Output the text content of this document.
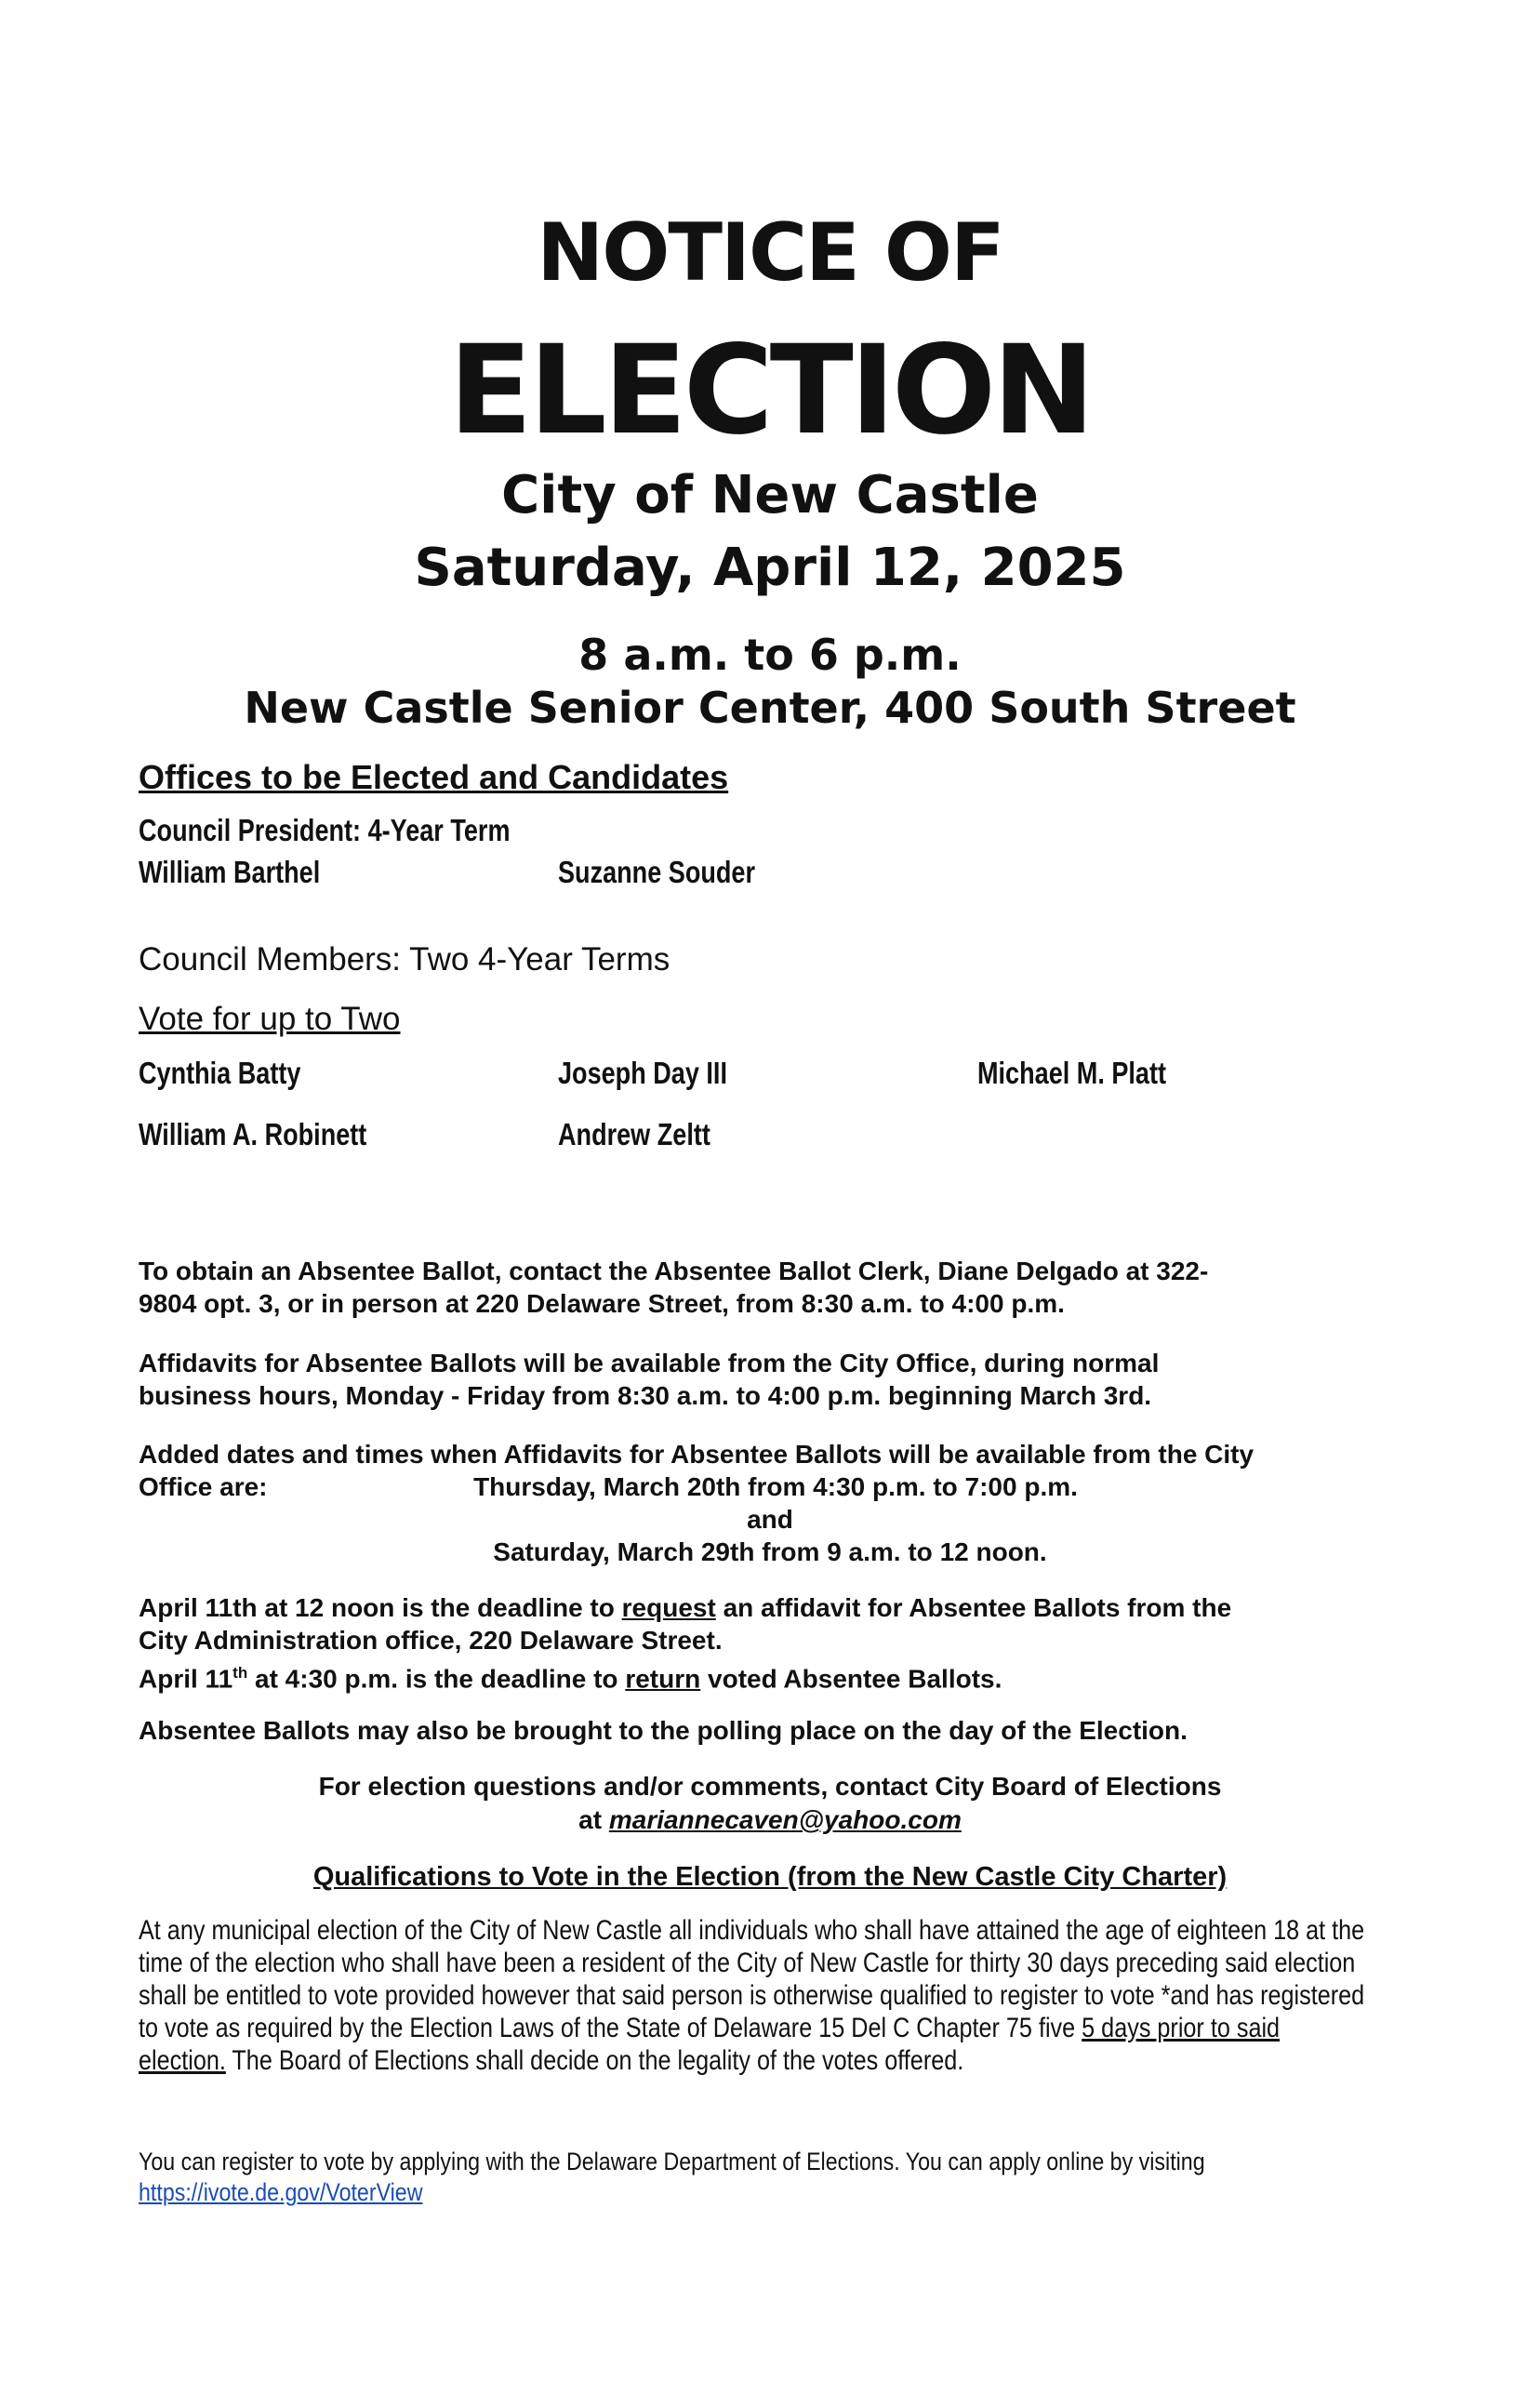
NOTICE OF
ELECTION
City of New Castle
Saturday, April 12, 2025
8 a.m. to 6 p.m.
New Castle Senior Center, 400 South Street
Offices to be Elected and Candidates
Council President: 4-Year Term
William Barthel	Suzanne Souder
Council Members: Two 4-Year Terms
Vote for up to Two
Cynthia Batty	Joseph Day III	Michael M. Platt
William A. Robinett	Andrew Zeltt
To obtain an Absentee Ballot, contact the Absentee Ballot Clerk, Diane Delgado at 322-
9804 opt. 3, or in person at 220 Delaware Street, from 8:30 a.m. to 4:00 p.m.
Affidavits for Absentee Ballots will be available from the City Office, during normal
business hours, Monday - Friday from 8:30 a.m. to 4:00 p.m. beginning March 3rd.
Added dates and times when Affidavits for Absentee Ballots will be available from the City
Office are:	Thursday, March 20th from 4:30 p.m. to 7:00 p.m.
and
Saturday, March 29th from 9 a.m. to 12 noon.
April 11th at 12 noon is the deadline to request an affidavit for Absentee Ballots from the
City Administration office, 220 Delaware Street.
April 11th at 4:30 p.m. is the deadline to return voted Absentee Ballots.
Absentee Ballots may also be brought to the polling place on the day of the Election.
For election questions and/or comments, contact City Board of Elections
at mariannecaven@yahoo.com
Qualifications to Vote in the Election (from the New Castle City Charter)
At any municipal election of the City of New Castle all individuals who shall have attained the age of eighteen 18 at the
time of the election who shall have been a resident of the City of New Castle for thirty 30 days preceding said election
shall be entitled to vote provided however that said person is otherwise qualified to register to vote *and has registered
to vote as required by the Election Laws of the State of Delaware 15 Del C Chapter 75 five 5 days prior to said
election. The Board of Elections shall decide on the legality of the votes offered.
You can register to vote by applying with the Delaware Department of Elections. You can apply online by visiting
https://ivote.de.gov/VoterView
